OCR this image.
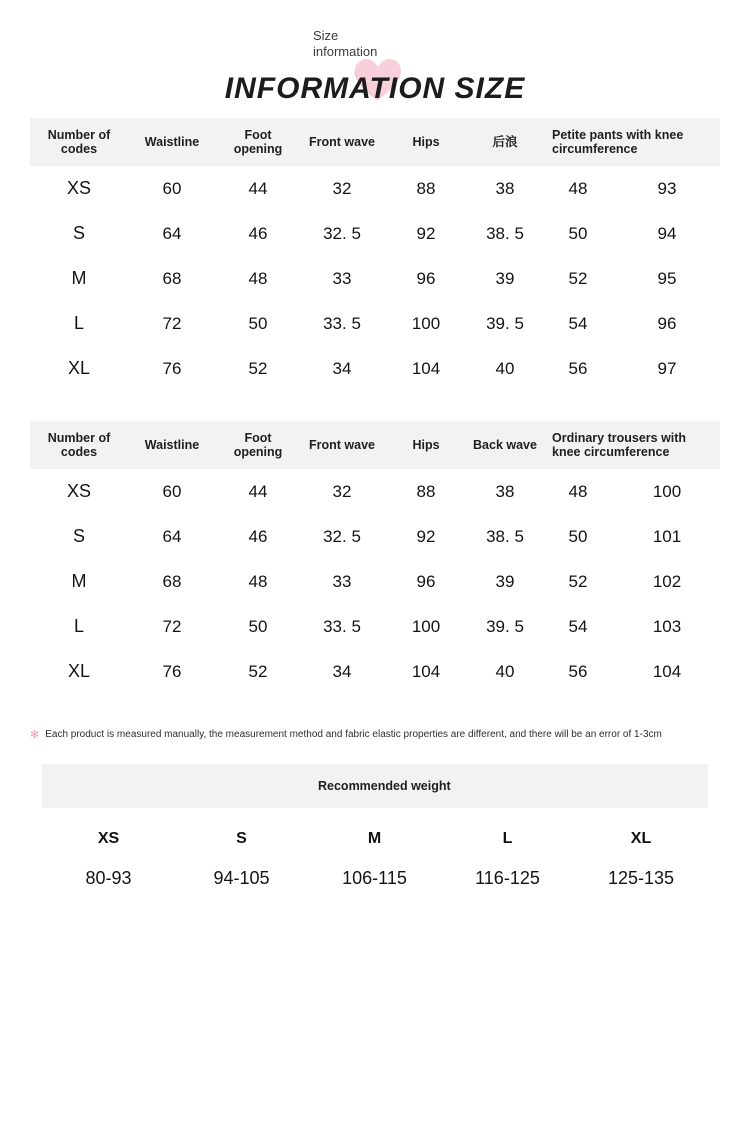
Size information
INFORMATION SIZE
Number of codes	Waistline	Foot opening	Front wave	Hips	后浪	Petite pants with knee circumference	
XS	60	44	32	88	38	48	93
S	64	46	32. 5	92	38. 5	50	94
M	68	48	33	96	39	52	95
L	72	50	33. 5	100	39. 5	54	96
XL	76	52	34	104	40	56	97
Number of codes	Waistline	Foot opening	Front wave	Hips	Back wave	Ordinary trousers with knee circumference	
XS	60	44	32	88	38	48	100
S	64	46	32. 5	92	38. 5	50	101
M	68	48	33	96	39	52	102
L	72	50	33. 5	100	39. 5	54	103
XL	76	52	34	104	40	56	104
✻ Each product is measured manually, the measurement method and fabric elastic properties are different, and there will be an error of 1-3cm
		Recommended weight		
XS	S	M	L	XL
80-93	94-105	106-115	116-125	125-135
